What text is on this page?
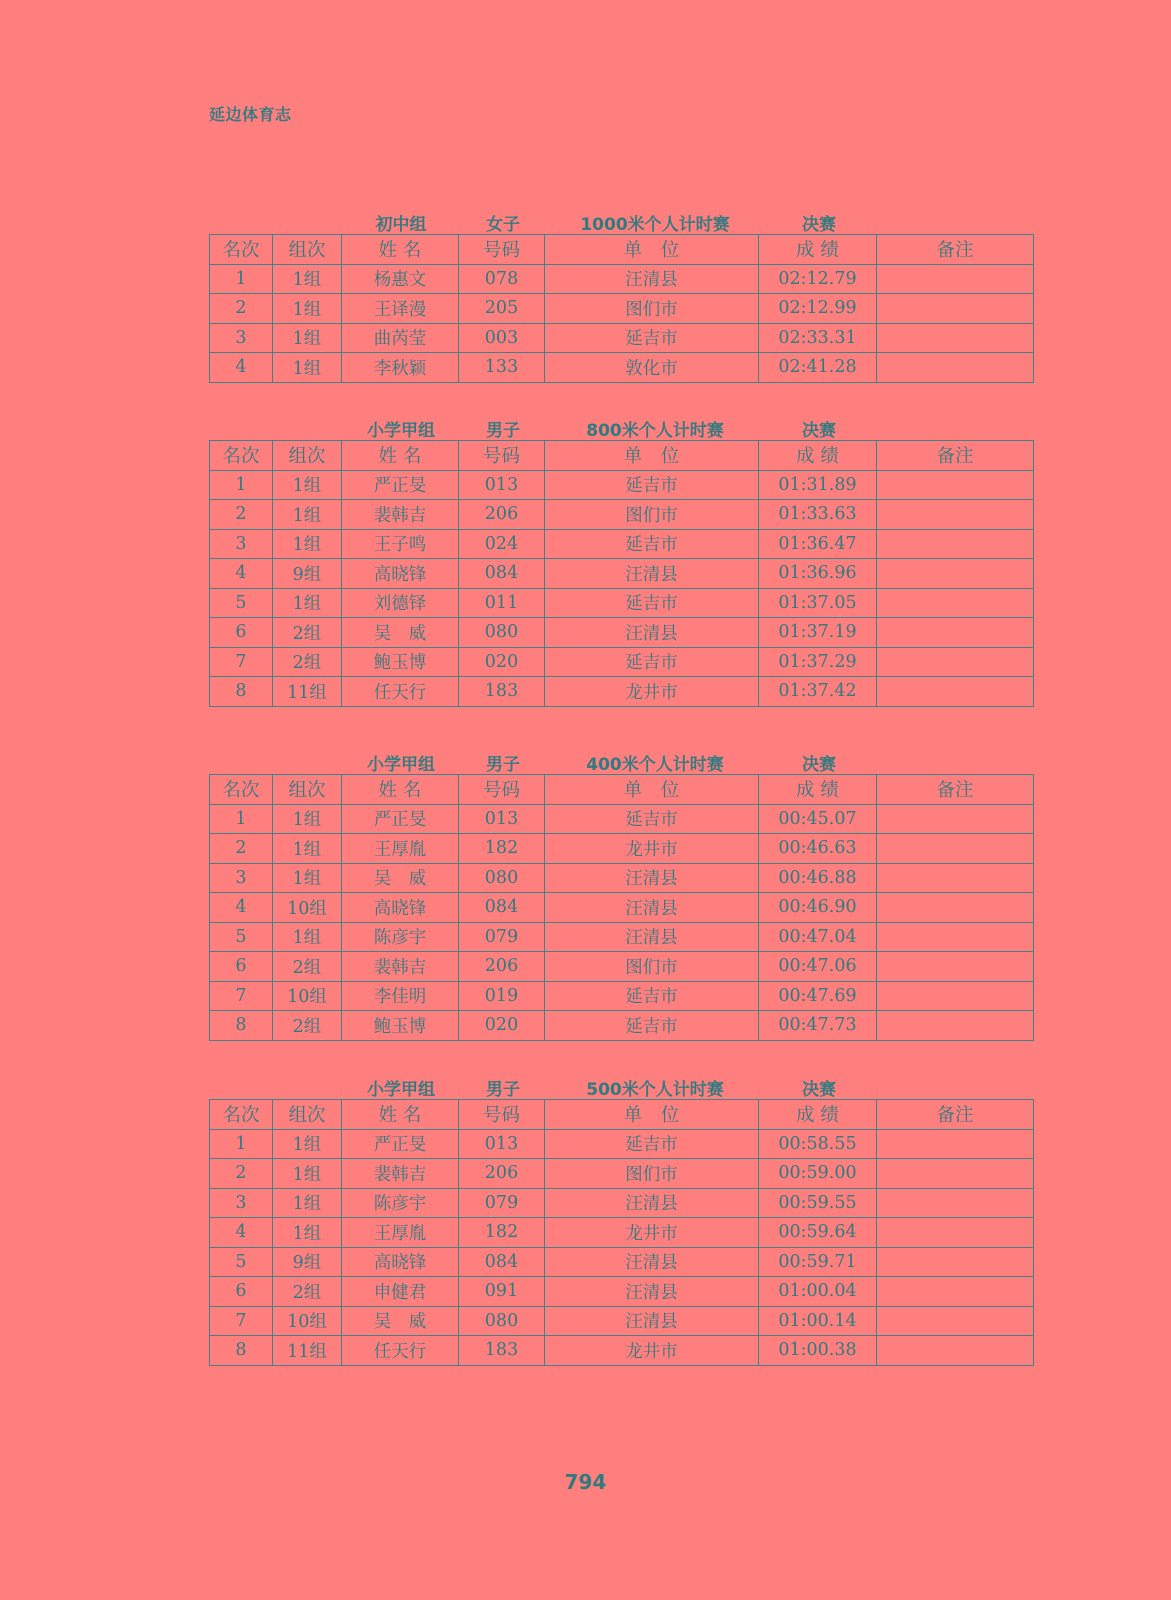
延边体育志
初中组	女子	1000米个人计时赛	决赛
名次	组次	姓 名	号码	单　位	成 绩	备注
1	1组	杨惠文	078	汪清县	02:12.79	
2	1组	王译漫	205	图们市	02:12.99	
3	1组	曲芮莹	003	延吉市	02:33.31	
4	1组	李秋颖	133	敦化市	02:41.28	
小学甲组	男子	800米个人计时赛	决赛
名次	组次	姓 名	号码	单　位	成 绩	备注
1	1组	严正旻	013	延吉市	01:31.89	
2	1组	裴韩吉	206	图们市	01:33.63	
3	1组	王子鸣	024	延吉市	01:36.47	
4	9组	高晓锋	084	汪清县	01:36.96	
5	1组	刘德铎	011	延吉市	01:37.05	
6	2组	吴　威	080	汪清县	01:37.19	
7	2组	鲍玉博	020	延吉市	01:37.29	
8	11组	任天行	183	龙井市	01:37.42	
小学甲组	男子	400米个人计时赛	决赛
名次	组次	姓 名	号码	单　位	成 绩	备注
1	1组	严正旻	013	延吉市	00:45.07	
2	1组	王厚胤	182	龙井市	00:46.63	
3	1组	吴　威	080	汪清县	00:46.88	
4	10组	高晓锋	084	汪清县	00:46.90	
5	1组	陈彦宇	079	汪清县	00:47.04	
6	2组	裴韩吉	206	图们市	00:47.06	
7	10组	李佳明	019	延吉市	00:47.69	
8	2组	鲍玉博	020	延吉市	00:47.73	
小学甲组	男子	500米个人计时赛	决赛
名次	组次	姓 名	号码	单　位	成 绩	备注
1	1组	严正旻	013	延吉市	00:58.55	
2	1组	裴韩吉	206	图们市	00:59.00	
3	1组	陈彦宇	079	汪清县	00:59.55	
4	1组	王厚胤	182	龙井市	00:59.64	
5	9组	高晓锋	084	汪清县	00:59.71	
6	2组	申健君	091	汪清县	01:00.04	
7	10组	吴　威	080	汪清县	01:00.14	
8	11组	任天行	183	龙井市	01:00.38	
794
